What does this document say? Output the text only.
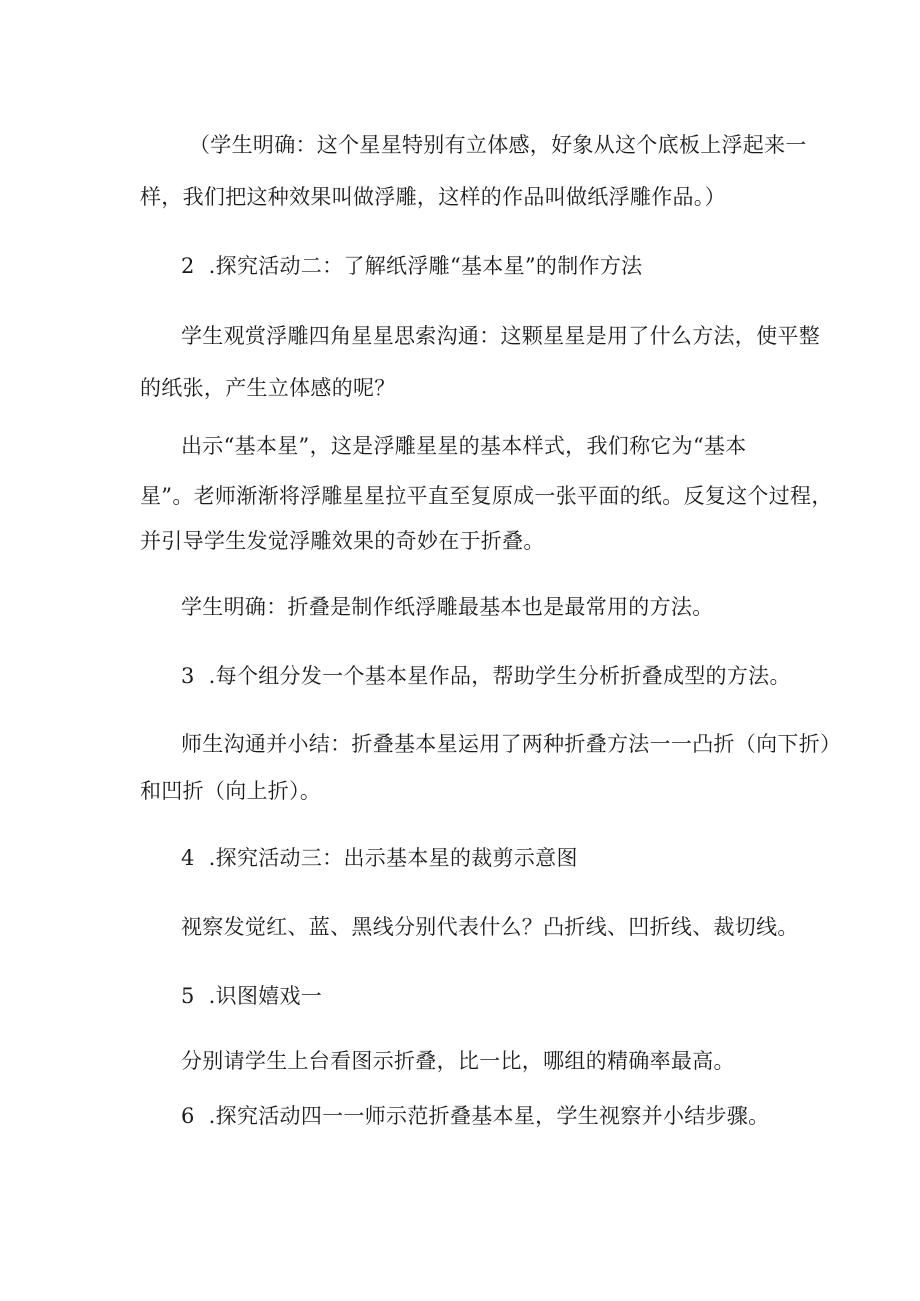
（学生明确：这个星星特别有立体感，好象从这个底板上浮起来一
样，我们把这种效果叫做浮雕，这样的作品叫做纸浮雕作品。）
2 .探究活动二：了解纸浮雕“基本星”的制作方法
学生观赏浮雕四角星星思索沟通：这颗星星是用了什么方法，使平整
的纸张，产生立体感的呢？
出示“基本星”，这是浮雕星星的基本样式，我们称它为“基本
星”。老师渐渐将浮雕星星拉平直至复原成一张平面的纸。反复这个过程，
并引导学生发觉浮雕效果的奇妙在于折叠。
学生明确：折叠是制作纸浮雕最基本也是最常用的方法。
3 .每个组分发一个基本星作品，帮助学生分析折叠成型的方法。
师生沟通并小结：折叠基本星运用了两种折叠方法一一凸折（向下折）
和凹折（向上折）。
4 .探究活动三：出示基本星的裁剪示意图
视察发觉红、蓝、黑线分别代表什么？凸折线、凹折线、裁切线。
5 .识图嬉戏一
分别请学生上台看图示折叠，比一比，哪组的精确率最高。
6 .探究活动四一一师示范折叠基本星，学生视察并小结步骤。
